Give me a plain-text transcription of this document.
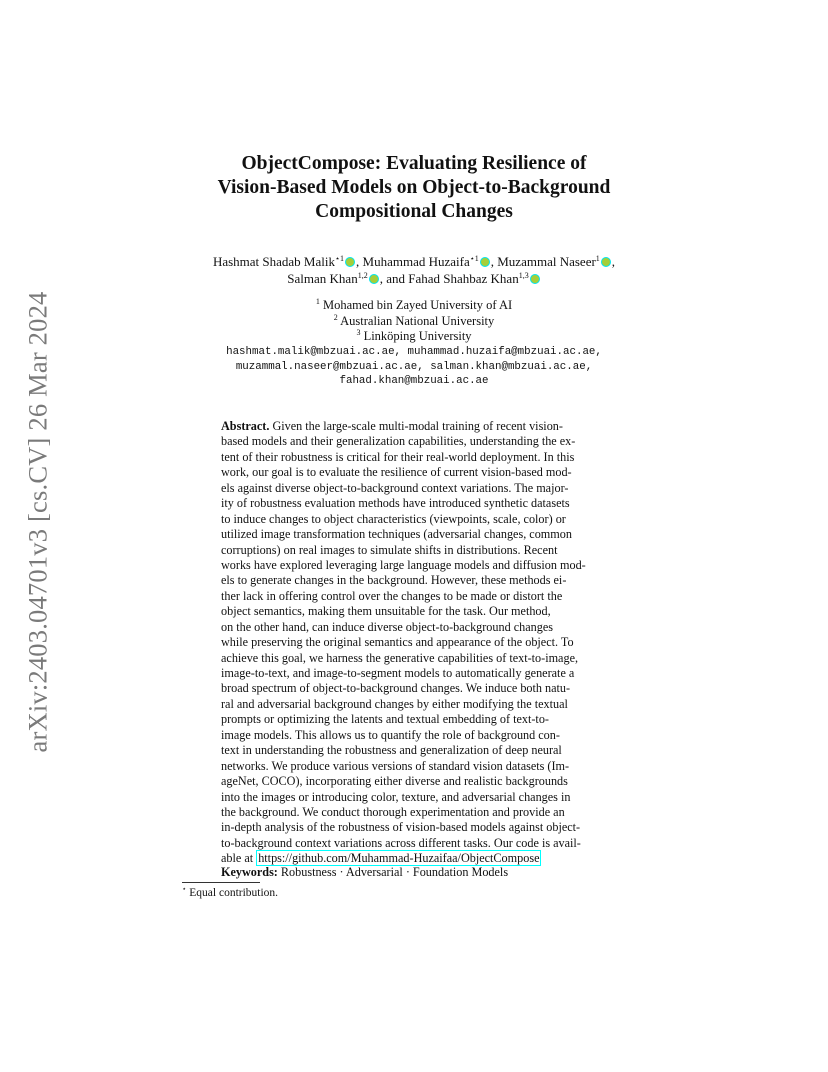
arXiv:2403.04701v3 [cs.CV] 26 Mar 2024
ObjectCompose: Evaluating Resilience of
Vision-Based Models on Object-to-Background
Compositional Changes
Hashmat Shadab Malik$^{⋆1}$ , Muhammad Huzaifa$^{⋆1}$ , Muzammal Naseer$^1$ ,
Salman Khan$^{1,2}$ , and Fahad Shahbaz Khan$^{1,3}$
$^1$ Mohamed bin Zayed University of AI
$^2$ Australian National University
$^3$ Linköping University
hashmat.malik@mbzuai.ac.ae, muhammad.huzaifa@mbzuai.ac.ae,
muzammal.naseer@mbzuai.ac.ae, salman.khan@mbzuai.ac.ae,
fahad.khan@mbzuai.ac.ae
Abstract. Given the large-scale multi-modal training of recent vision-
based models and their generalization capabilities, understanding the ex-
tent of their robustness is critical for their real-world deployment. In this
work, our goal is to evaluate the resilience of current vision-based mod-
els against diverse object-to-background context variations. The major-
ity of robustness evaluation methods have introduced synthetic datasets
to induce changes to object characteristics (viewpoints, scale, color) or
utilized image transformation techniques (adversarial changes, common
corruptions) on real images to simulate shifts in distributions. Recent
works have explored leveraging large language models and diffusion mod-
els to generate changes in the background. However, these methods ei-
ther lack in offering control over the changes to be made or distort the
object semantics, making them unsuitable for the task. Our method,
on the other hand, can induce diverse object-to-background changes
while preserving the original semantics and appearance of the object. To
achieve this goal, we harness the generative capabilities of text-to-image,
image-to-text, and image-to-segment models to automatically generate a
broad spectrum of object-to-background changes. We induce both natu-
ral and adversarial background changes by either modifying the textual
prompts or optimizing the latents and textual embedding of text-to-
image models. This allows us to quantify the role of background con-
text in understanding the robustness and generalization of deep neural
networks. We produce various versions of standard vision datasets (Im-
ageNet, COCO), incorporating either diverse and realistic backgrounds
into the images or introducing color, texture, and adversarial changes in
the background. We conduct thorough experimentation and provide an
in-depth analysis of the robustness of vision-based models against object-
to-background context variations across different tasks. Our code is avail-
able at https://github.com/Muhammad-Huzaifaa/ObjectCompose
Keywords: Robustness · Adversarial · Foundation Models
⋆ Equal contribution.
